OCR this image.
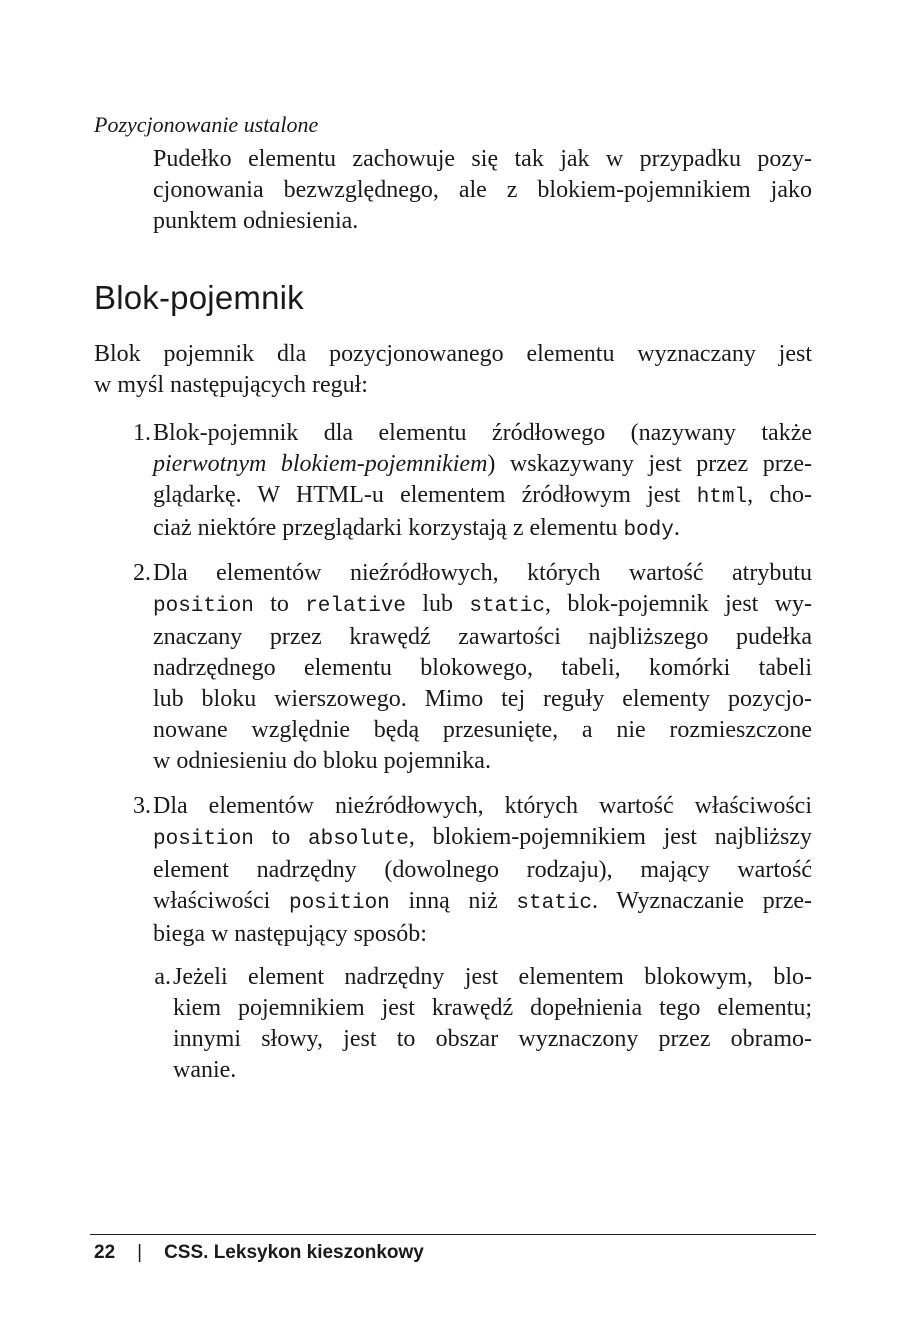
Pozycjonowanie ustalone
Pudełko elementu zachowuje się tak jak w przypadku pozy-
cjonowania bezwzględnego, ale z blokiem-pojemnikiem jako
punktem odniesienia.
Blok-pojemnik
Blok pojemnik dla pozycjonowanego elementu wyznaczany jest
w myśl następujących reguł:
1. Blok-pojemnik dla elementu źródłowego (nazywany także
pierwotnym blokiem-pojemnikiem) wskazywany jest przez prze-
glądarkę. W HTML-u elementem źródłowym jest html, cho-
ciaż niektóre przeglądarki korzystają z elementu body.
2. Dla elementów nieźródłowych, których wartość atrybutu
position to relative lub static, blok-pojemnik jest wy-
znaczany przez krawędź zawartości najbliższego pudełka
nadrzędnego elementu blokowego, tabeli, komórki tabeli
lub bloku wierszowego. Mimo tej reguły elementy pozycjo-
nowane względnie będą przesunięte, a nie rozmieszczone
w odniesieniu do bloku pojemnika.
3. Dla elementów nieźródłowych, których wartość właściwości
position to absolute, blokiem-pojemnikiem jest najbliższy
element nadrzędny (dowolnego rodzaju), mający wartość
właściwości position inną niż static. Wyznaczanie prze-
biega w następujący sposób:
a. Jeżeli element nadrzędny jest elementem blokowym, blo-
kiem pojemnikiem jest krawędź dopełnienia tego elementu;
innymi słowy, jest to obszar wyznaczony przez obramo-
wanie.
22 | CSS. Leksykon kieszonkowy
